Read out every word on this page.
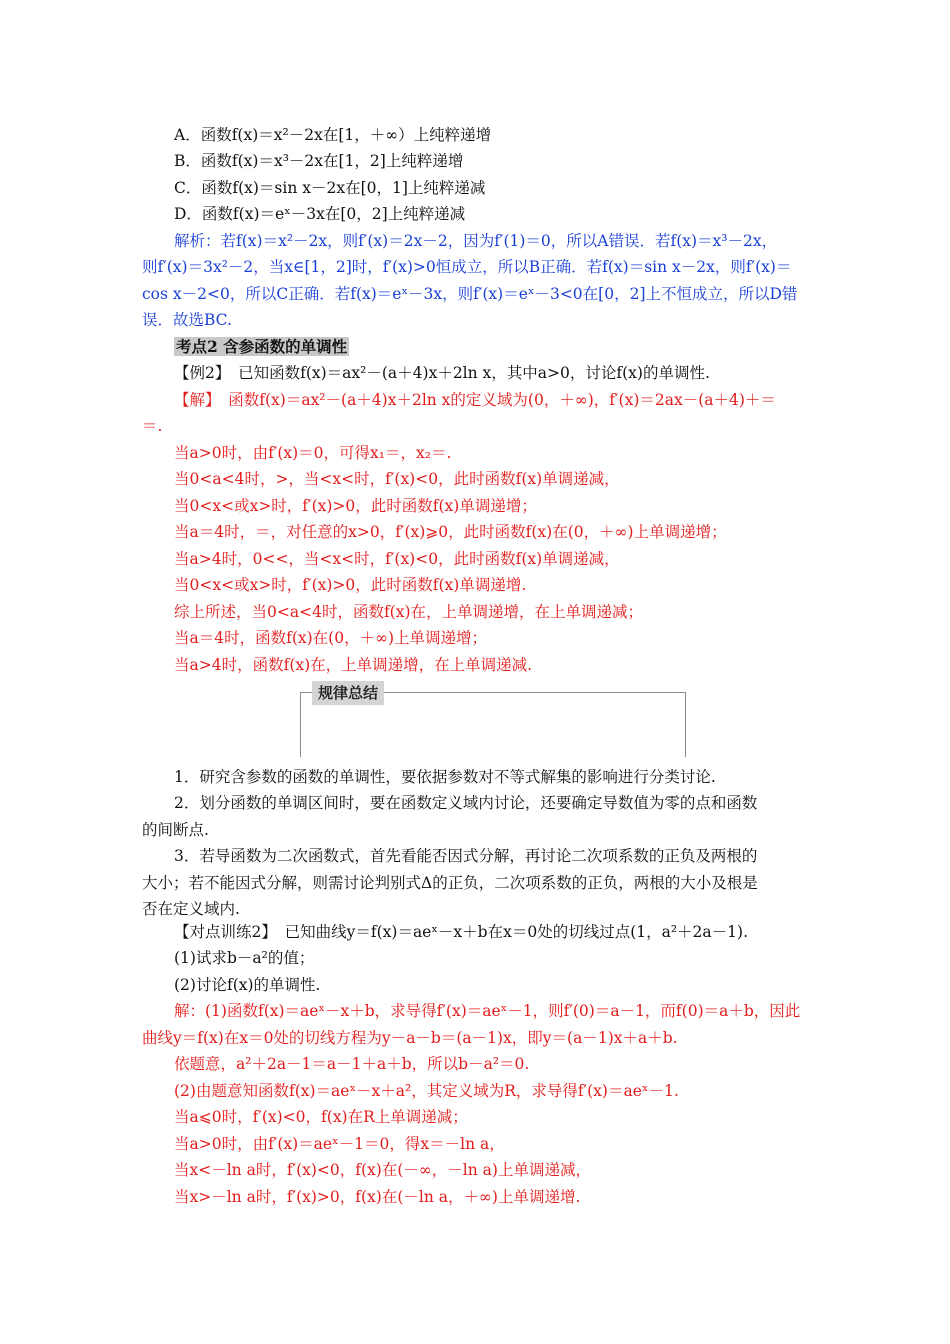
A．函数f(x)＝x²－2x在[1，＋∞）上纯粹递增
B．函数f(x)＝x³－2x在[1，2]上纯粹递增
C．函数f(x)＝sin x－2x在[0，1]上纯粹递减
D．函数f(x)＝eˣ－3x在[0，2]上纯粹递减
解析：若f(x)＝x²－2x，则f′(x)＝2x－2，因为f′(1)＝0，所以A错误．若f(x)＝x³－2x，
则f′(x)＝3x²－2，当x∈[1，2]时，f′(x)>0恒成立，所以B正确．若f(x)＝sin x－2x，则f′(x)＝
cos x－2<0，所以C正确．若f(x)＝eˣ－3x，则f′(x)＝eˣ－3<0在[0，2]上不恒成立，所以D错
误．故选BC.
考点2 含参函数的单调性
【例2】　已知函数f(x)＝ax²－(a＋4)x＋2ln x，其中a>0，讨论f(x)的单调性.
【解】　函数f(x)＝ax²－(a＋4)x＋2ln x的定义域为(0，＋∞)，f′(x)＝2ax－(a＋4)＋＝
＝.
当a>0时，由f′(x)＝0，可得x₁＝，x₂＝.
当0<a<4时，>，当<x<时，f′(x)<0，此时函数f(x)单调递减，
当0<x<或x>时，f′(x)>0，此时函数f(x)单调递增；
当a＝4时，＝，对任意的x>0，f′(x)⩾0，此时函数f(x)在(0，＋∞)上单调递增；
当a>4时，0<<，当<x<时，f′(x)<0，此时函数f(x)单调递减，
当0<x<或x>时，f′(x)>0，此时函数f(x)单调递增.
综上所述，当0<a<4时，函数f(x)在，上单调递增，在上单调递减；
当a＝4时，函数f(x)在(0，＋∞)上单调递增；
当a>4时，函数f(x)在，上单调递增，在上单调递减.
规律总结
1．研究含参数的函数的单调性，要依据参数对不等式解集的影响进行分类讨论.
2．划分函数的单调区间时，要在函数定义域内讨论，还要确定导数值为零的点和函数
的间断点.
3．若导函数为二次函数式，首先看能否因式分解，再讨论二次项系数的正负及两根的
大小；若不能因式分解，则需讨论判别式Δ的正负，二次项系数的正负，两根的大小及根是
否在定义域内.
【对点训练2】　已知曲线y＝f(x)＝aeˣ－x＋b在x＝0处的切线过点(1，a²＋2a－1).
(1)试求b－a²的值；
(2)讨论f(x)的单调性.
解：(1)函数f(x)＝aeˣ－x＋b，求导得f′(x)＝aeˣ－1，则f′(0)＝a－1，而f(0)＝a＋b，因此
曲线y＝f(x)在x＝0处的切线方程为y－a－b＝(a－1)x，即y＝(a－1)x＋a＋b.
依题意，a²＋2a－1＝a－1＋a＋b，所以b－a²＝0.
(2)由题意知函数f(x)＝aeˣ－x＋a²，其定义域为R，求导得f′(x)＝aeˣ－1.
当a⩽0时，f′(x)<0，f(x)在R上单调递减；
当a>0时，由f′(x)＝aeˣ－1＝0，得x＝－ln a，
当x<－ln a时，f′(x)<0，f(x)在(－∞，－ln a)上单调递减，
当x>－ln a时，f′(x)>0，f(x)在(－ln a，＋∞)上单调递增.
